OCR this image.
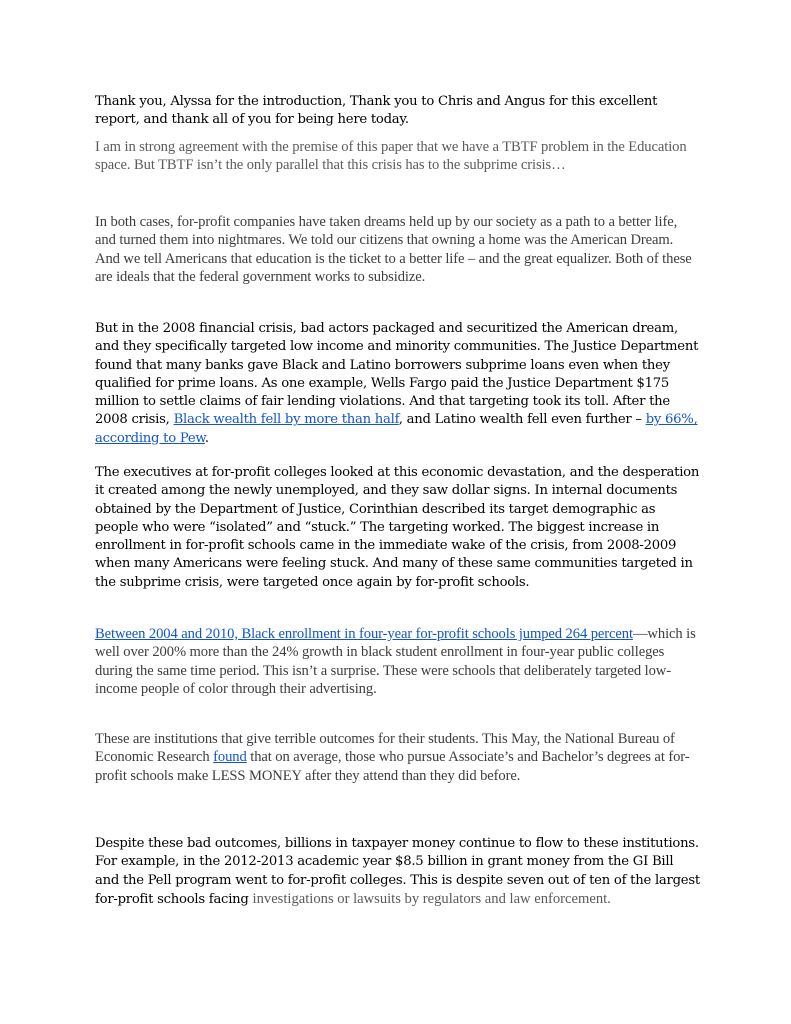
Thank you, Alyssa for the introduction, Thank you to Chris and Angus for this excellent report, and thank all of you for being here today.

I am in strong agreement with the premise of this paper that we have a TBTF problem in the Education space. But TBTF isn’t the only parallel that this crisis has to the subprime crisis…

In both cases, for-profit companies have taken dreams held up by our society as a path to a better life, and turned them into nightmares. We told our citizens that owning a home was the American Dream. And we tell Americans that education is the ticket to a better life – and the great equalizer. Both of these are ideals that the federal government works to subsidize.

But in the 2008 financial crisis, bad actors packaged and securitized the American dream, and they specifically targeted low income and minority communities. The Justice Department found that many banks gave Black and Latino borrowers subprime loans even when they qualified for prime loans. As one example, Wells Fargo paid the Justice Department $175 million to settle claims of fair lending violations. And that targeting took its toll. After the 2008 crisis, Black wealth fell by more than half, and Latino wealth fell even further – by 66%, according to Pew.

The executives at for-profit colleges looked at this economic devastation, and the desperation it created among the newly unemployed, and they saw dollar signs. In internal documents obtained by the Department of Justice, Corinthian described its target demographic as people who were “isolated” and “stuck.” The targeting worked. The biggest increase in enrollment in for-profit schools came in the immediate wake of the crisis, from 2008-2009 when many Americans were feeling stuck. And many of these same communities targeted in the subprime crisis, were targeted once again by for-profit schools.

Between 2004 and 2010, Black enrollment in four-year for-profit schools jumped 264 percent—which is well over 200% more than the 24% growth in black student enrollment in four-year public colleges during the same time period. This isn’t a surprise. These were schools that deliberately targeted low-income people of color through their advertising.

These are institutions that give terrible outcomes for their students. This May, the National Bureau of Economic Research found that on average, those who pursue Associate’s and Bachelor’s degrees at for-profit schools make LESS MONEY after they attend than they did before.

Despite these bad outcomes, billions in taxpayer money continue to flow to these institutions. For example, in the 2012-2013 academic year $8.5 billion in grant money from the GI Bill and the Pell program went to for-profit colleges. This is despite seven out of ten of the largest for-profit schools facing investigations or lawsuits by regulators and law enforcement.
